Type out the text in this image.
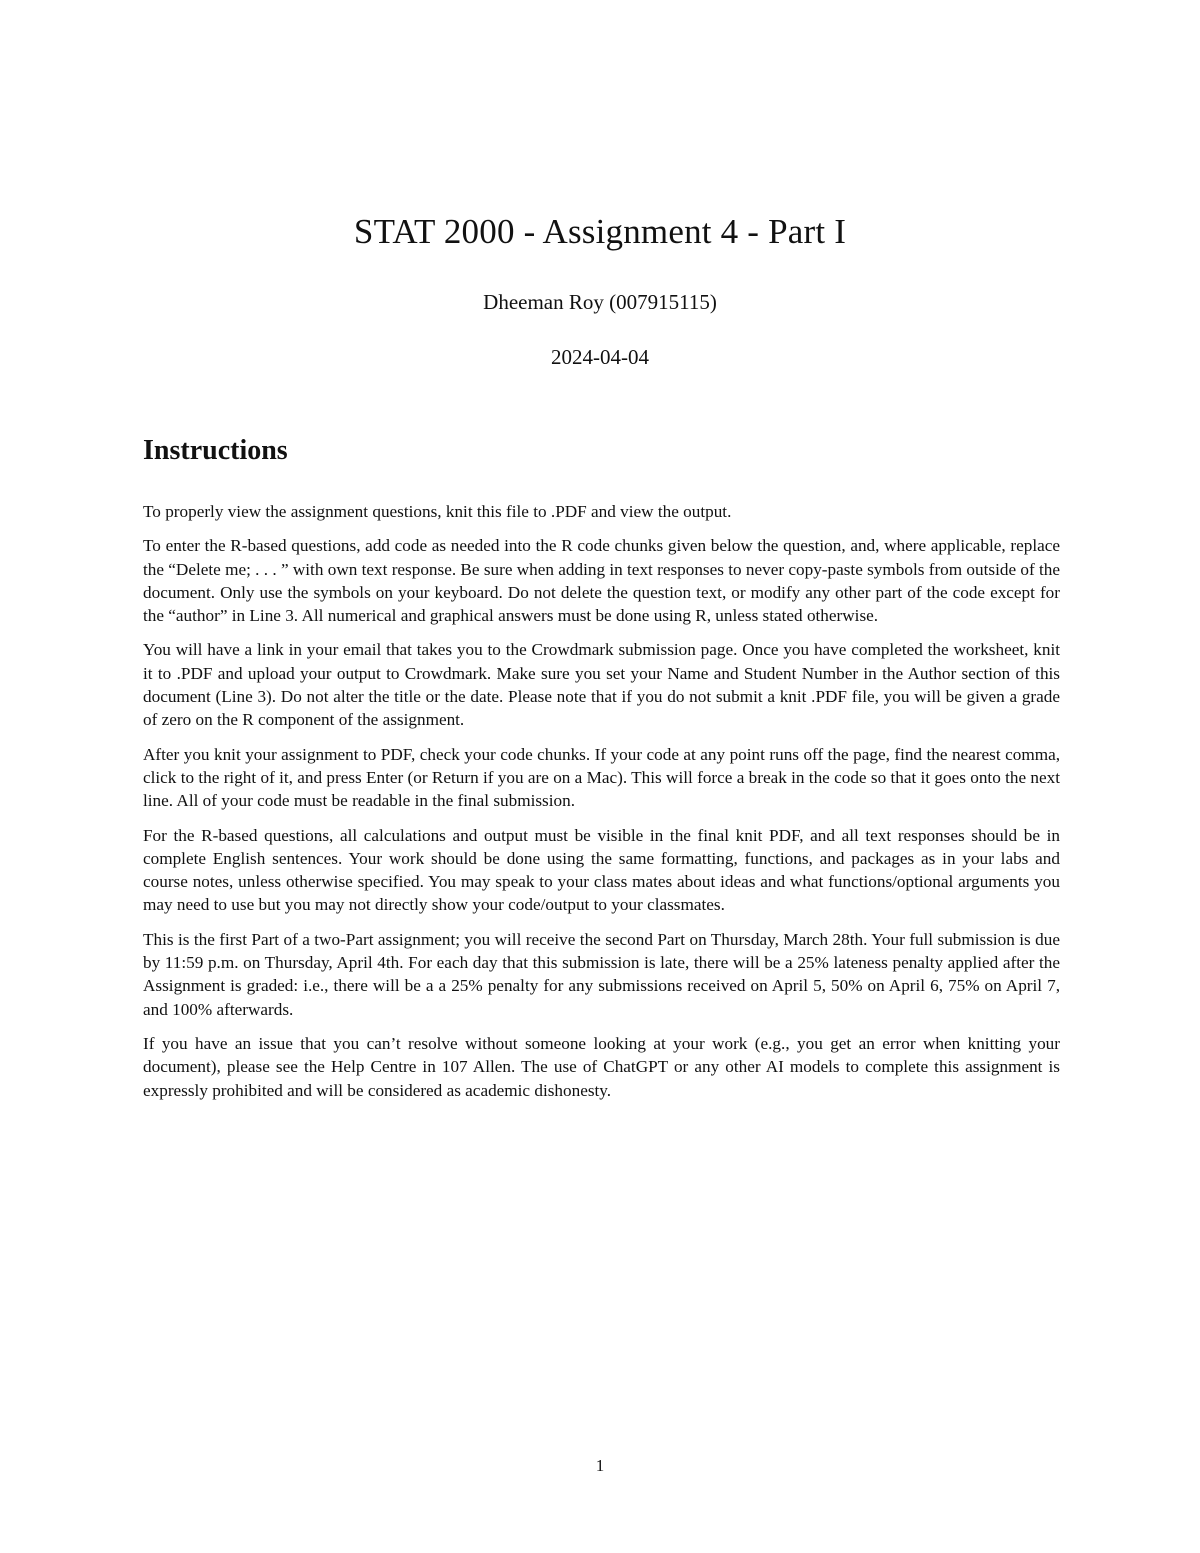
STAT 2000 - Assignment 4 - Part I
Dheeman Roy (007915115)
2024-04-04
Instructions

To properly view the assignment questions, knit this file to .PDF and view the output.

To enter the R-based questions, add code as needed into the R code chunks given below the question, and, where applicable, replace the “Delete me; . . . ” with own text response. Be sure when adding in text responses to never copy-paste symbols from outside of the document. Only use the symbols on your keyboard. Do not delete the question text, or modify any other part of the code except for the “author” in Line 3. All numerical and graphical answers must be done using R, unless stated otherwise.

You will have a link in your email that takes you to the Crowdmark submission page. Once you have completed the worksheet, knit it to .PDF and upload your output to Crowdmark. Make sure you set your Name and Student Number in the Author section of this document (Line 3). Do not alter the title or the date. Please note that if you do not submit a knit .PDF file, you will be given a grade of zero on the R component of the assignment.

After you knit your assignment to PDF, check your code chunks. If your code at any point runs off the page, find the nearest comma, click to the right of it, and press Enter (or Return if you are on a Mac). This will force a break in the code so that it goes onto the next line. All of your code must be readable in the final submission.

For the R-based questions, all calculations and output must be visible in the final knit PDF, and all text responses should be in complete English sentences. Your work should be done using the same formatting, functions, and packages as in your labs and course notes, unless otherwise specified. You may speak to your class mates about ideas and what functions/optional arguments you may need to use but you may not directly show your code/output to your classmates.

This is the first Part of a two-Part assignment; you will receive the second Part on Thursday, March 28th. Your full submission is due by 11:59 p.m. on Thursday, April 4th. For each day that this submission is late, there will be a 25% lateness penalty applied after the Assignment is graded: i.e., there will be a a 25% penalty for any submissions received on April 5, 50% on April 6, 75% on April 7, and 100% afterwards.

If you have an issue that you can’t resolve without someone looking at your work (e.g., you get an error when knitting your document), please see the Help Centre in 107 Allen. The use of ChatGPT or any other AI models to complete this assignment is expressly prohibited and will be considered as academic dishonesty.

1
